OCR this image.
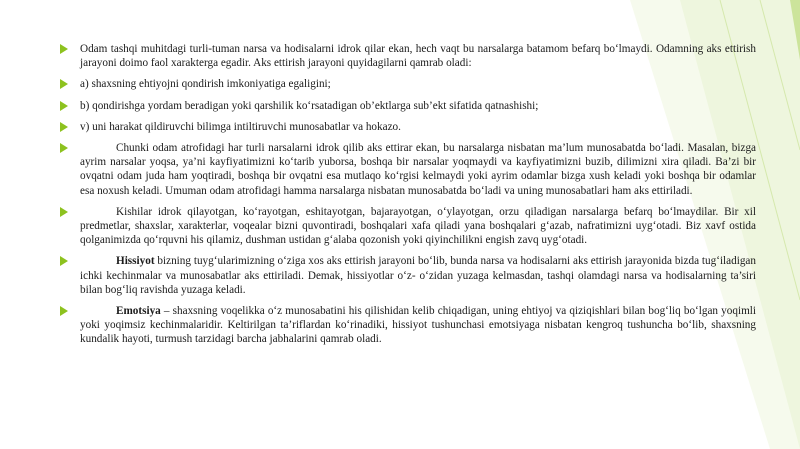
Odam tashqi muhitdagi turli-tuman narsa va hodisalarni idrok qilar ekan, hech vaqt bu narsalarga batamom befarq bo‘lmaydi. Odamning aks ettirish jarayoni doimo faol xarakterga egadir. Aks ettirish jarayoni quyidagilarni qamrab oladi:
a) shaxsning ehtiyojni qondirish imkoniyatiga egaligini;
b) qondirishga yordam beradigan yoki qarshilik ko‘rsatadigan ob’ektlarga sub’ekt sifatida qatnashishi;
v) uni harakat qildiruvchi bilimga intiltiruvchi munosabatlar va hokazo.
Chunki odam atrofidagi har turli narsalarni idrok qilib aks ettirar ekan, bu narsalarga nisbatan ma’lum munosabatda bo‘ladi. Masalan, bizga ayrim narsalar yoqsa, ya’ni kayfiyatimizni ko‘tarib yuborsa, boshqa bir narsalar yoqmaydi va kayfiyatimizni buzib, dilimizni xira qiladi. Ba’zi bir ovqatni odam juda ham yoqtiradi, boshqa bir ovqatni esa mutlaqo ko‘rgisi kelmaydi yoki ayrim odamlar bizga xush keladi yoki boshqa bir odamlar esa noxush keladi. Umuman odam atrofidagi hamma narsalarga nisbatan munosabatda bo‘ladi va uning munosabatlari ham aks ettiriladi.
Kishilar idrok qilayotgan, ko‘rayotgan, eshitayotgan, bajarayotgan, o‘ylayotgan, orzu qiladigan narsalarga befarq bo‘lmaydilar. Bir xil predmetlar, shaxslar, xarakterlar, voqealar bizni quvontiradi, boshqalari xafa qiladi yana boshqalari g‘azab, nafratimizni uyg‘otadi. Biz xavf ostida qolganimizda qo‘rquvni his qilamiz, dushman ustidan g‘alaba qozonish yoki qiyinchilikni engish zavq uyg‘otadi.
Hissiyot bizning tuyg‘ularimizning o‘ziga xos aks ettirish jarayoni bo‘lib, bunda narsa va hodisalarni aks ettirish jarayonida bizda tug‘iladigan ichki kechinmalar va munosabatlar aks ettiriladi. Demak, hissiyotlar o‘z- o‘zidan yuzaga kelmasdan, tashqi olamdagi narsa va hodisalarning ta’siri bilan bog‘liq ravishda yuzaga keladi.
Emotsiya – shaxsning voqelikka o‘z munosabatini his qilishidan kelib chiqadigan, uning ehtiyoj va qiziqishlari bilan bog‘liq bo‘lgan yoqimli yoki yoqimsiz kechinmalaridir. Keltirilgan ta’riflardan ko‘rinadiki, hissiyot tushunchasi emotsiyaga nisbatan kengroq tushuncha bo‘lib, shaxsning kundalik hayoti, turmush tarzidagi barcha jabhalarini qamrab oladi.
